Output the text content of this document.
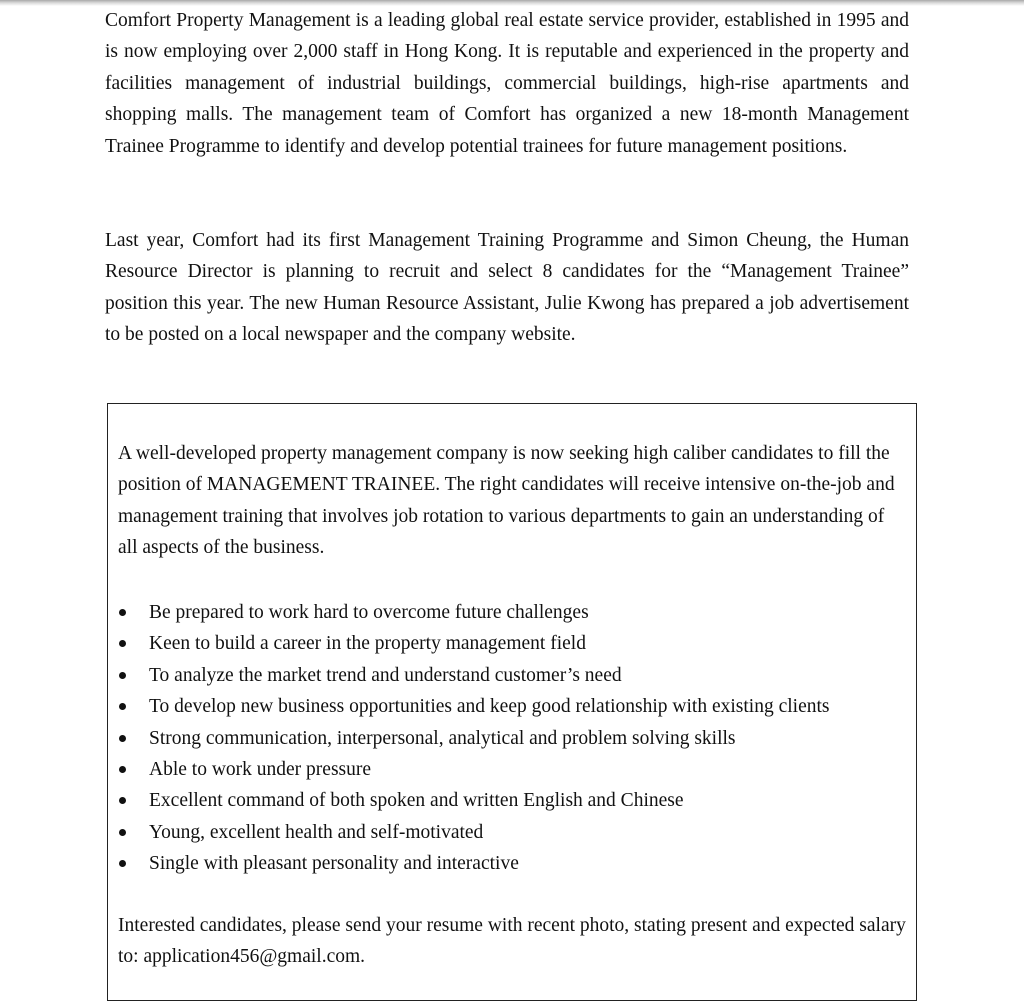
Comfort Property Management is a leading global real estate service provider, established in 1995 and is now employing over 2,000 staff in Hong Kong. It is reputable and experienced in the property and facilities management of industrial buildings, commercial buildings, high-rise apartments and shopping malls. The management team of Comfort has organized a new 18-month Management Trainee Programme to identify and develop potential trainees for future management positions.

Last year, Comfort had its first Management Training Programme and Simon Cheung, the Human Resource Director is planning to recruit and select 8 candidates for the “Management Trainee” position this year. The new Human Resource Assistant, Julie Kwong has prepared a job advertisement to be posted on a local newspaper and the company website.

A well-developed property management company is now seeking high caliber candidates to fill the position of MANAGEMENT TRAINEE. The right candidates will receive intensive on-the-job and management training that involves job rotation to various departments to gain an understanding of all aspects of the business.

Be prepared to work hard to overcome future challenges
Keen to build a career in the property management field
To analyze the market trend and understand customer’s need
To develop new business opportunities and keep good relationship with existing clients
Strong communication, interpersonal, analytical and problem solving skills
Able to work under pressure
Excellent command of both spoken and written English and Chinese
Young, excellent health and self-motivated
Single with pleasant personality and interactive

Interested candidates, please send your resume with recent photo, stating present and expected salary to: application456@gmail.com.
